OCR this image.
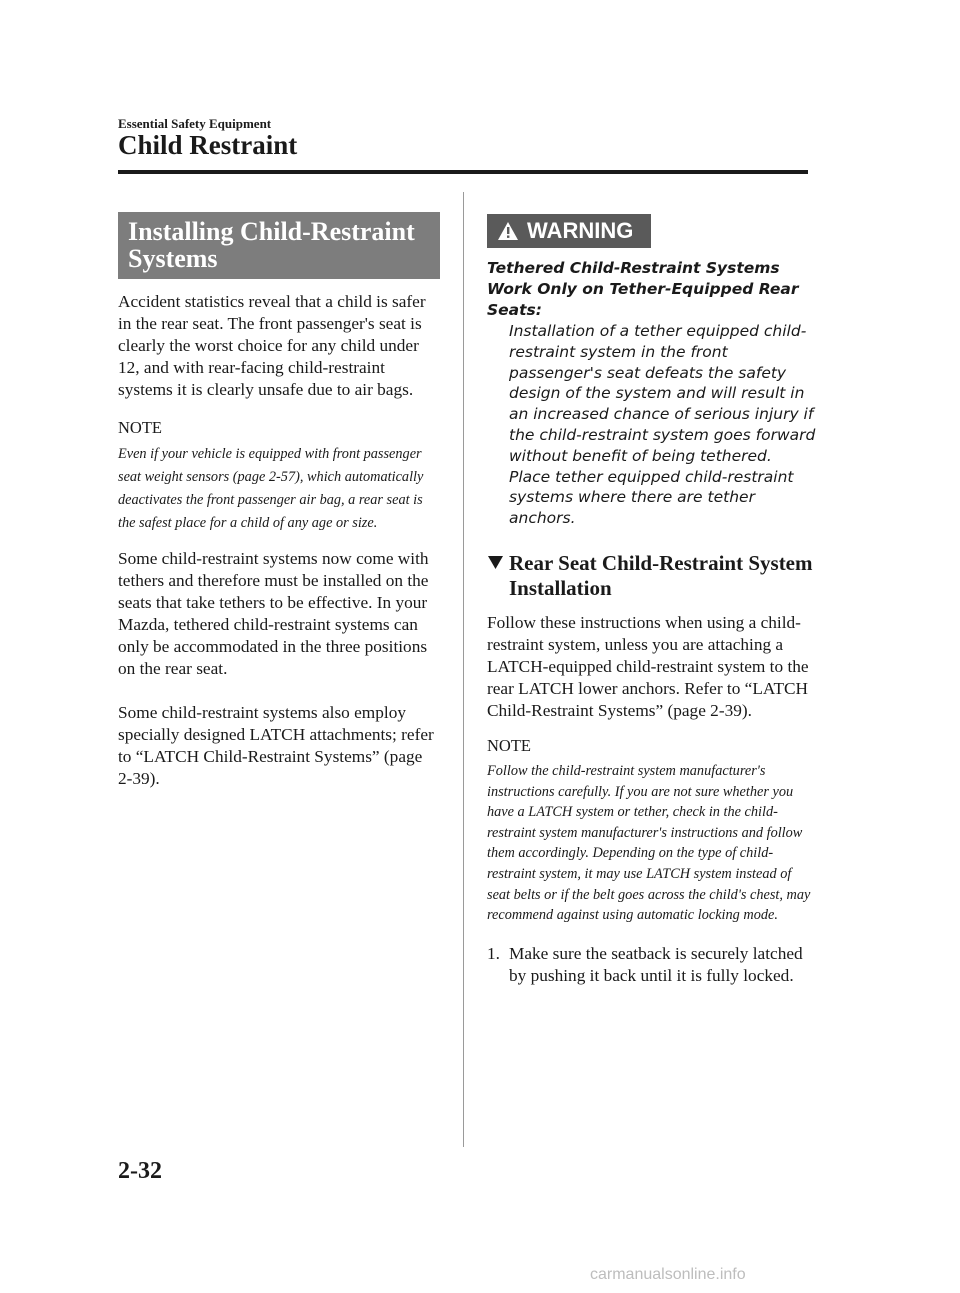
Essential Safety Equipment
Child Restraint
Installing Child-Restraint Systems

Accident statistics reveal that a child is safer in the rear seat. The front passenger's seat is clearly the worst choice for any child under 12, and with rear-facing child-restraint systems it is clearly unsafe due to air bags.

NOTE

Even if your vehicle is equipped with front passenger seat weight sensors (page 2-57), which automatically deactivates the front passenger air bag, a rear seat is the safest place for a child of any age or size.

Some child-restraint systems now come with tethers and therefore must be installed on the seats that take tethers to be effective. In your Mazda, tethered child-restraint systems can only be accommodated in the three positions on the rear seat.

Some child-restraint systems also employ specially designed LATCH attachments; refer to “LATCH Child-Restraint Systems” (page 2-39).

WARNING

Tethered Child-Restraint Systems Work Only on Tether-Equipped Rear Seats:

Installation of a tether equipped child-restraint system in the front passenger's seat defeats the safety design of the system and will result in an increased chance of serious injury if the child-restraint system goes forward without benefit of being tethered.

Place tether equipped child-restraint systems where there are tether anchors.

Rear Seat Child-Restraint System Installation

Follow these instructions when using a child-restraint system, unless you are attaching a LATCH-equipped child-restraint system to the rear LATCH lower anchors. Refer to “LATCH Child-Restraint Systems” (page 2-39).

NOTE

Follow the child-restraint system manufacturer's instructions carefully. If you are not sure whether you have a LATCH system or tether, check in the child-restraint system manufacturer's instructions and follow them accordingly. Depending on the type of child-restraint system, it may use LATCH system instead of seat belts or if the belt goes across the child's chest, may recommend against using automatic locking mode.

1. Make sure the seatback is securely latched by pushing it back until it is fully locked.
2-32
carmanualsonline.info
